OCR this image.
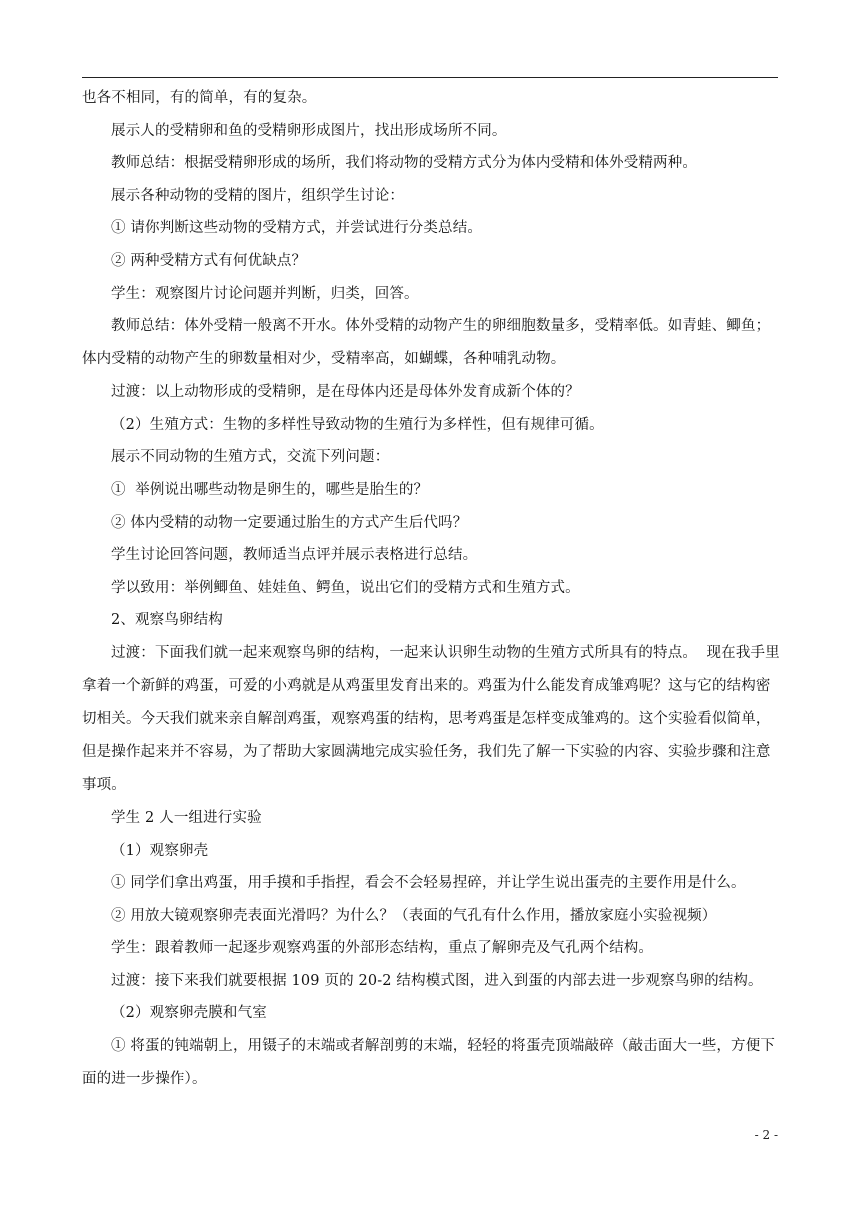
也各不相同，有的简单，有的复杂。

展示人的受精卵和鱼的受精卵形成图片，找出形成场所不同。

教师总结：根据受精卵形成的场所，我们将动物的受精方式分为体内受精和体外受精两种。

展示各种动物的受精的图片，组织学生讨论：

① 请你判断这些动物的受精方式，并尝试进行分类总结。

② 两种受精方式有何优缺点？

学生：观察图片讨论问题并判断，归类，回答。

教师总结：体外受精一般离不开水。体外受精的动物产生的卵细胞数量多，受精率低。如青蛙、鲫鱼；体内受精的动物产生的卵数量相对少，受精率高，如蝴蝶，各种哺乳动物。

过渡：以上动物形成的受精卵，是在母体内还是母体外发育成新个体的？

（2）生殖方式：生物的多样性导致动物的生殖行为多样性，但有规律可循。

展示不同动物的生殖方式，交流下列问题：

①  举例说出哪些动物是卵生的，哪些是胎生的？

② 体内受精的动物一定要通过胎生的方式产生后代吗？

学生讨论回答问题，教师适当点评并展示表格进行总结。

学以致用：举例鲫鱼、娃娃鱼、鳄鱼，说出它们的受精方式和生殖方式。

2、观察鸟卵结构

过渡：下面我们就一起来观察鸟卵的结构，一起来认识卵生动物的生殖方式所具有的特点。  现在我手里拿着一个新鲜的鸡蛋，可爱的小鸡就是从鸡蛋里发育出来的。鸡蛋为什么能发育成雏鸡呢？这与它的结构密切相关。今天我们就来亲自解剖鸡蛋，观察鸡蛋的结构，思考鸡蛋是怎样变成雏鸡的。这个实验看似简单，但是操作起来并不容易，为了帮助大家圆满地完成实验任务，我们先了解一下实验的内容、实验步骤和注意事项。

学生 2 人一组进行实验

（1）观察卵壳

① 同学们拿出鸡蛋，用手摸和手指捏，看会不会轻易捏碎，并让学生说出蛋壳的主要作用是什么。

② 用放大镜观察卵壳表面光滑吗？为什么？（表面的气孔有什么作用，播放家庭小实验视频）

学生：跟着教师一起逐步观察鸡蛋的外部形态结构，重点了解卵壳及气孔两个结构。

过渡：接下来我们就要根据 109 页的 20-2 结构模式图，进入到蛋的内部去进一步观察鸟卵的结构。

（2）观察卵壳膜和气室

① 将蛋的钝端朝上，用镊子的末端或者解剖剪的末端，轻轻的将蛋壳顶端敲碎（敲击面大一些，方便下面的进一步操作）。

- 2 -
